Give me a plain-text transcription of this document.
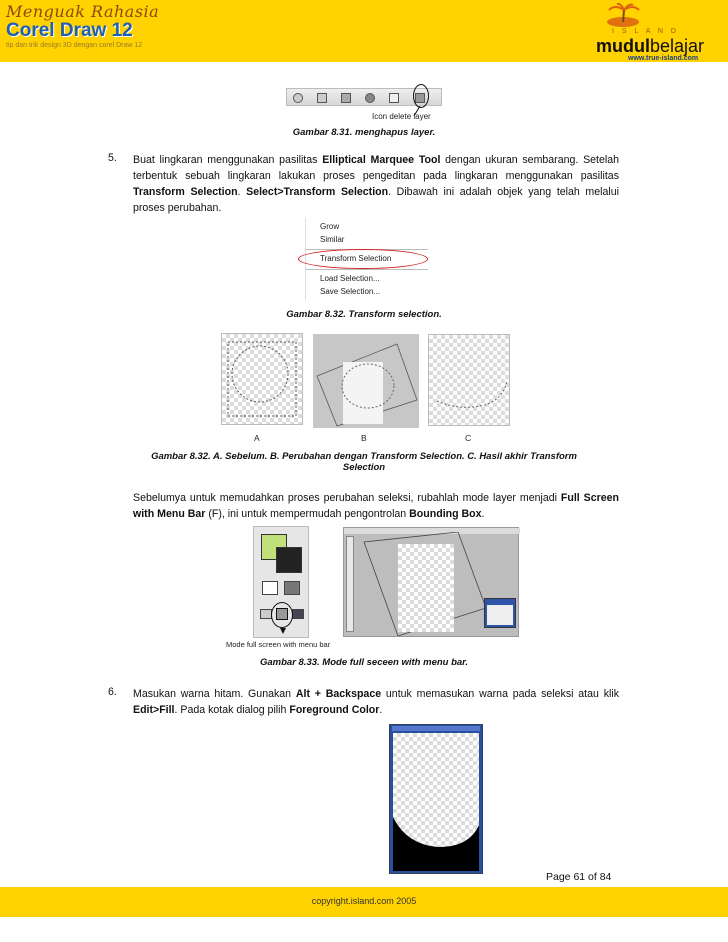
Menguak Rahasia
Corel Draw 12
tip dan trik design 3D dengan corel Draw 12
I S L A N D
mudulbelajar
www.true-island.com
Icon delete layer
Gambar 8.31. menghapus layer.
5. Buat lingkaran menggunakan pasilitas Elliptical Marquee Tool dengan ukuran sembarang. Setelah terbentuk sebuah lingkaran lakukan proses pengeditan pada lingkaran menggunakan pasilitas Transform Selection. Select>Transform Selection. Dibawah ini adalah objek yang telah melalui proses perubahan.
Grow
Similar
Transform Selection
Load Selection...
Save Selection...
Gambar 8.32. Transform selection.
A	B	C
Gambar 8.32. A. Sebelum. B. Perubahan dengan Transform Selection. C. Hasil akhir Transform
Selection
Sebelumya untuk memudahkan proses perubahan seleksi, rubahlah mode layer menjadi Full Screen with Menu Bar (F), ini untuk mempermudah pengontrolan Bounding Box.
Mode full screen with menu bar
Gambar 8.33. Mode full seceen with menu bar.
6. Masukan warna hitam. Gunakan Alt + Backspace untuk memasukan warna pada seleksi atau klik Edit>Fill. Pada kotak dialog pilih Foreground Color.
Page 61 of 84
copyright.island.com 2005
